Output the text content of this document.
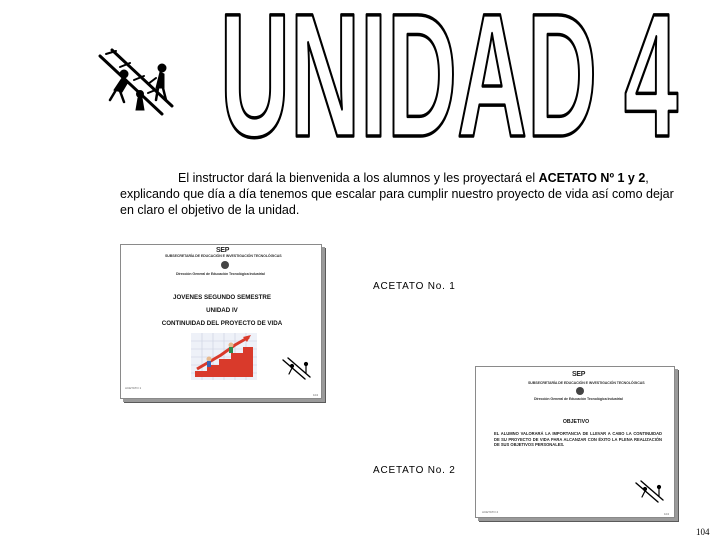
UNIDAD 4

El instructor dará la bienvenida a los alumnos y les proyectará el ACETATO Nº 1 y 2, explicando que día a día tenemos que escalar para cumplir nuestro proyecto de vida así como dejar en claro el objetivo de la unidad.

SEP
SUBSECRETARÍA DE EDUCACIÓN E INVESTIGACIÓN TECNOLÓGICAS
Dirección General de Educación Tecnológica Industrial
JOVENES SEGUNDO SEMESTRE
UNIDAD IV
CONTINUIDAD DEL PROYECTO DE VIDA
ACETATO 1
104
SEP
SUBSECRETARÍA DE EDUCACIÓN E INVESTIGACIÓN TECNOLÓGICAS
Dirección General de Educación Tecnológica Industrial
OBJETIVO
EL ALUMNO VALORARÁ LA IMPORTANCIA DE LLEVAR A CABO LA CONTINUIDAD DE SU PROYECTO DE VIDA PARA ALCANZAR CON ÉXITO LA PLENA REALIZACIÓN DE SUS OBJETIVOS PERSONALES.
ACETATO 2	104
ACETATO No. 1
ACETATO No. 2
104
